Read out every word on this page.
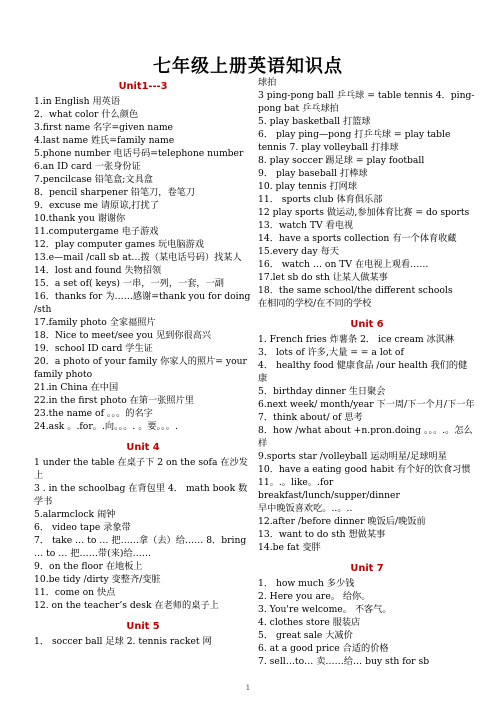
七年级上册英语知识点
Unit1---3
1.in English 用英语
2．what color 什么颜色
3.first name 名字=given name
4.last name 姓氏=family name
5.phone number 电话号码=telephone number
6.an ID card 一张身份证
7.pencilcase 铅笔盒;文具盒
8．pencil sharpener 铅笔刀，卷笔刀
9．excuse me 请原谅,打扰了
10.thank you 谢谢你
11.computergame 电子游戏
12．play computer games 玩电脑游戏
13.e—mail /call sb at…拨（某电话号码）找某人
14．lost and found 失物招领
15．a set of( keys) 一串，一列，一套，一副
16．thanks for 为……感谢=thank you for doing /sth
17.family photo 全家福照片
18．Nice to meet/see you 见到你很高兴
19．school ID card 学生证
20．a photo of your family 你家人的照片= your family photo
21.in China 在中国
22.in the first photo 在第一张照片里
23.the name of 。。。的名字
24.ask 。.for。.向。。。. 。要。。。.
Unit 4
1 under the table 在桌子下 2 on the sofa 在沙发上
3 . in the schoolbag 在背包里 4． math book 数学书
5.alarmclock 闹钟
6． video tape 录象带
7． take … to … 把……拿（去）给…… 8．bring … to … 把……带(来)给……
9．on the floor 在地板上
10.be tidy /dirty 变整齐/变脏
11．come on 快点
12. on the teacher’s desk 在老师的桌子上
Unit 5
1． soccer ball 足球 2. tennis racket 网
球拍
3 ping-pong ball 乒乓球 = table tennis 4．ping-pong bat 乒乓球拍
5. play basketball 打篮球
6． play ping—pong 打乒乓球 = play table tennis 7. play volleyball 打排球
8. play soccer 踢足球 = play football
9． play baseball 打棒球
10. play tennis 打网球
11． sports club 体育俱乐部
12 play sports 做运动,参加体育比赛 = do sports 13．watch TV 看电视
14．have a sports collection 有一个体育收藏
15.every day 每天
16． watch … on TV 在电视上观看……
17.let sb do sth 让某人做某事
18．the same school/the different schools
在相同的学校/在不同的学校
Unit 6
1. French fries 炸薯条 2． ice cream 冰淇淋
3． lots of 许多,大量 = = a lot of
4． healthy food 健康食品 /our health 我们的健康
5．birthday dinner 生日聚会
6.next week/ month/year 下一周/下一个月/下一年
7．think about/ of 思考
8．how /what about +n.pron.doing 。。。.。怎么样
9.sports star /volleyball 运动明星/足球明星
10．have a eating good habit 有个好的饮食习惯
11。.。like。.for breakfast/lunch/supper/dinner
早中晚饭喜欢吃。..。..
12.after /before dinner 晚饭后/晚饭前
13．want to do sth 想做某事
14.be fat 变胖
Unit 7
1． how much 多少钱
2. Here you are。 给你。
3. You're welcome。 不客气。
4. clothes store 服装店
5． great sale 大减价
6. at a good price 合适的价格
7. sell…to… 卖……给… buy sth for sb
1
